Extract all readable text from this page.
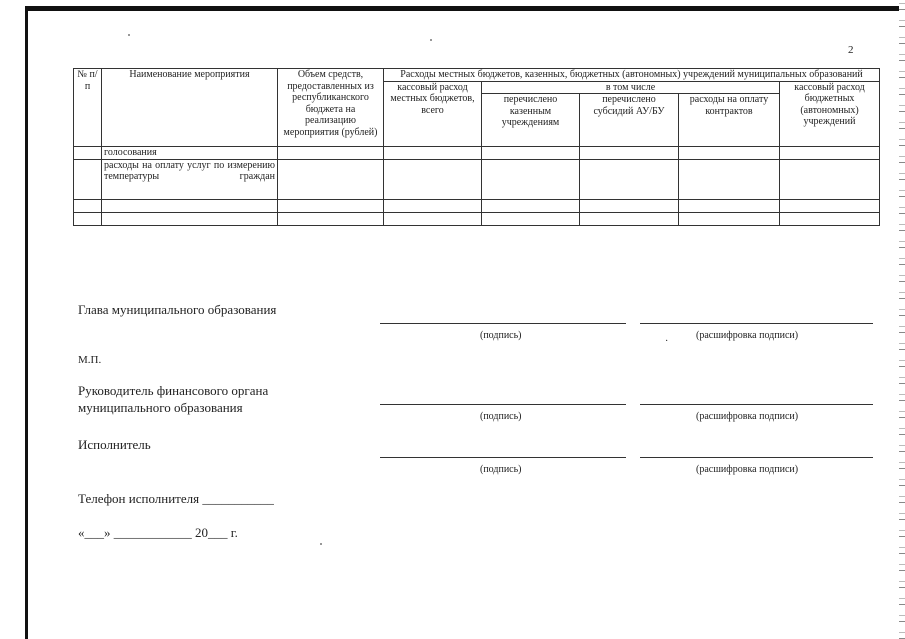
2
№ п/п	Наименование мероприятия	Объем средств, предоставленных из республиканского бюджета на реализацию мероприятия (рублей)	Расходы местных бюджетов, казенных, бюджетных (автономных) учреждений муниципальных образований				
			кассовый расход местных бюджетов, всего	в том числе			кассовый расход бюджетных (автономных) учреждений
				перечислено казенным учреждениям	перечислено субсидий АУ/БУ	расходы на оплату контрактов	
	голосования						
	расходы на оплату услуг по измерению температуры граждан						

Глава муниципального образования
(подпись)
·
(расшифровка подписи)
М.П.
Руководитель финансового органа
муниципального образования
(подпись)	(расшифровка подписи)
Исполнитель
(подпись)	(расшифровка подписи)
Телефон исполнителя ___________
«___» ____________ 20___ г.
